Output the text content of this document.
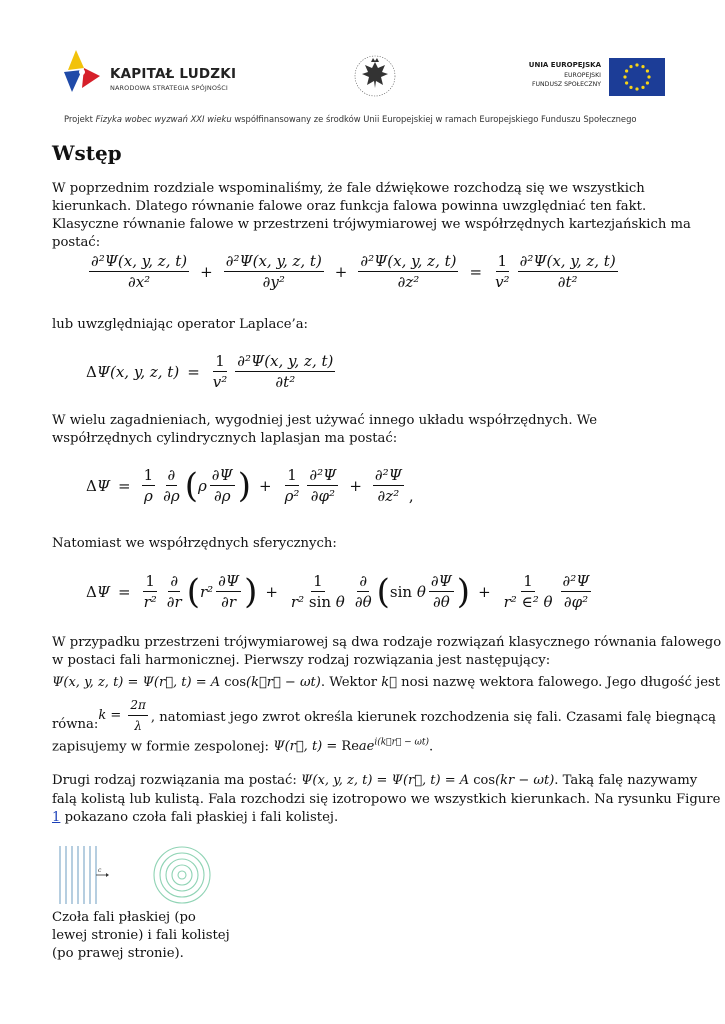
KAPITAŁ LUDZKI
NARODOWA STRATEGIA SPÓJNOŚCI
UNIA EUROPEJSKA
EUROPEJSKI
FUNDUSZ SPOŁECZNY
Projekt Fizyka wobec wyzwań XXI wieku współfinansowany ze środków Unii Europejskiej w ramach Europejskiego Funduszu Społecznego
Wstęp
W poprzednim rozdziale wspominaliśmy, że fale dźwiękowe rozchodzą się we wszystkich kierunkach. Dlatego równanie falowe oraz funkcja falowa powinna uwzględniać ten fakt. Klasyczne równanie falowe w przestrzeni trójwymiarowej we współrzędnych kartezjańskich ma postać:
$\frac{\text{∂²Ψ(x, y, z, t)}}{\text{∂x²}} + \frac{\text{∂²Ψ(x, y, z, t)}}{\text{∂y²}} + \frac{\text{∂²Ψ(x, y, z, t)}}{\text{∂z²}} = \frac{1}{\text{v²}} \frac{\text{∂²Ψ(x, y, z, t)}}{\text{∂t²}}$
lub uwzględniając operator Laplace’a:
ΔΨ(x, y, z, $t) = \frac{1}{\text{v²}} \frac{\text{∂²Ψ(x, y, z, t)}}{\text{∂t²}}$
W wielu zagadnieniach, wygodniej jest używać innego układu współrzędnych. We współrzędnych cylindrycznych laplasjan ma postać:
$\Delta\Psi = \frac{1}{\rho} \frac{\partial}{\partial\rho}$ ( ρ $\frac{\partial\Psi}{\partial\rho}$ ) + $\frac{1}{\text{ρ²}} \frac{\text{∂²Ψ}}{\text{∂φ²}} + \frac{\text{∂²Ψ}}{\text{∂z²}}$ ,
Natomiast we współrzędnych sferycznych:
$\Delta\Psi = \frac{1}{\text{r²}} \frac{\partial}{\partial r}$ ( $r^2 \frac{\partial\Psi}{\partial r}$ ) + $\frac{1}{\text{r² sin θ}} \frac{\partial}{\partial\theta}$ ( sin θ $\frac{\partial\Psi}{\partial\theta}$ ) + $\frac{1}{\text{r² ∈² θ}} \frac{\text{∂²Ψ}}{\text{∂φ²}}$
W przypadku przestrzeni trójwymiarowej są dwa rodzaje rozwiązań klasycznego równania falowego
w postaci fali harmonicznej. Pierwszy rodzaj rozwiązania jest następujący:
Ψ(x, y, z, t) = Ψ(r⃗, t) = A cos(k⃗r⃗ − ωt). Wektor k⃗ nosi nazwę wektora falowego. Jego długość jest
równa:
$k = \frac{2\pi}{\lambda}$ , natomiast jego zwrot określa kierunek rozchodzenia się fali. Czasami falę biegnącą
zapisujemy w formie zespolonej: Ψ(r⃗, t) = Reae$^{i(k⃗r⃗ - \omega t)}$.
Drugi rodzaj rozwiązania ma postać: Ψ(x, y, z, t) = Ψ(r⃗, t) = A cos(kr − ωt). Taką falę nazywamy
falą kolistą lub kulistą. Fala rozchodzi się izotropowo we wszystkich kierunkach. Na rysunku Figure
1 pokazano czoła fali płaskiej i fali kolistej.
c
Czoła fali płaskiej (po
lewej stronie) i fali kolistej
(po prawej stronie).
